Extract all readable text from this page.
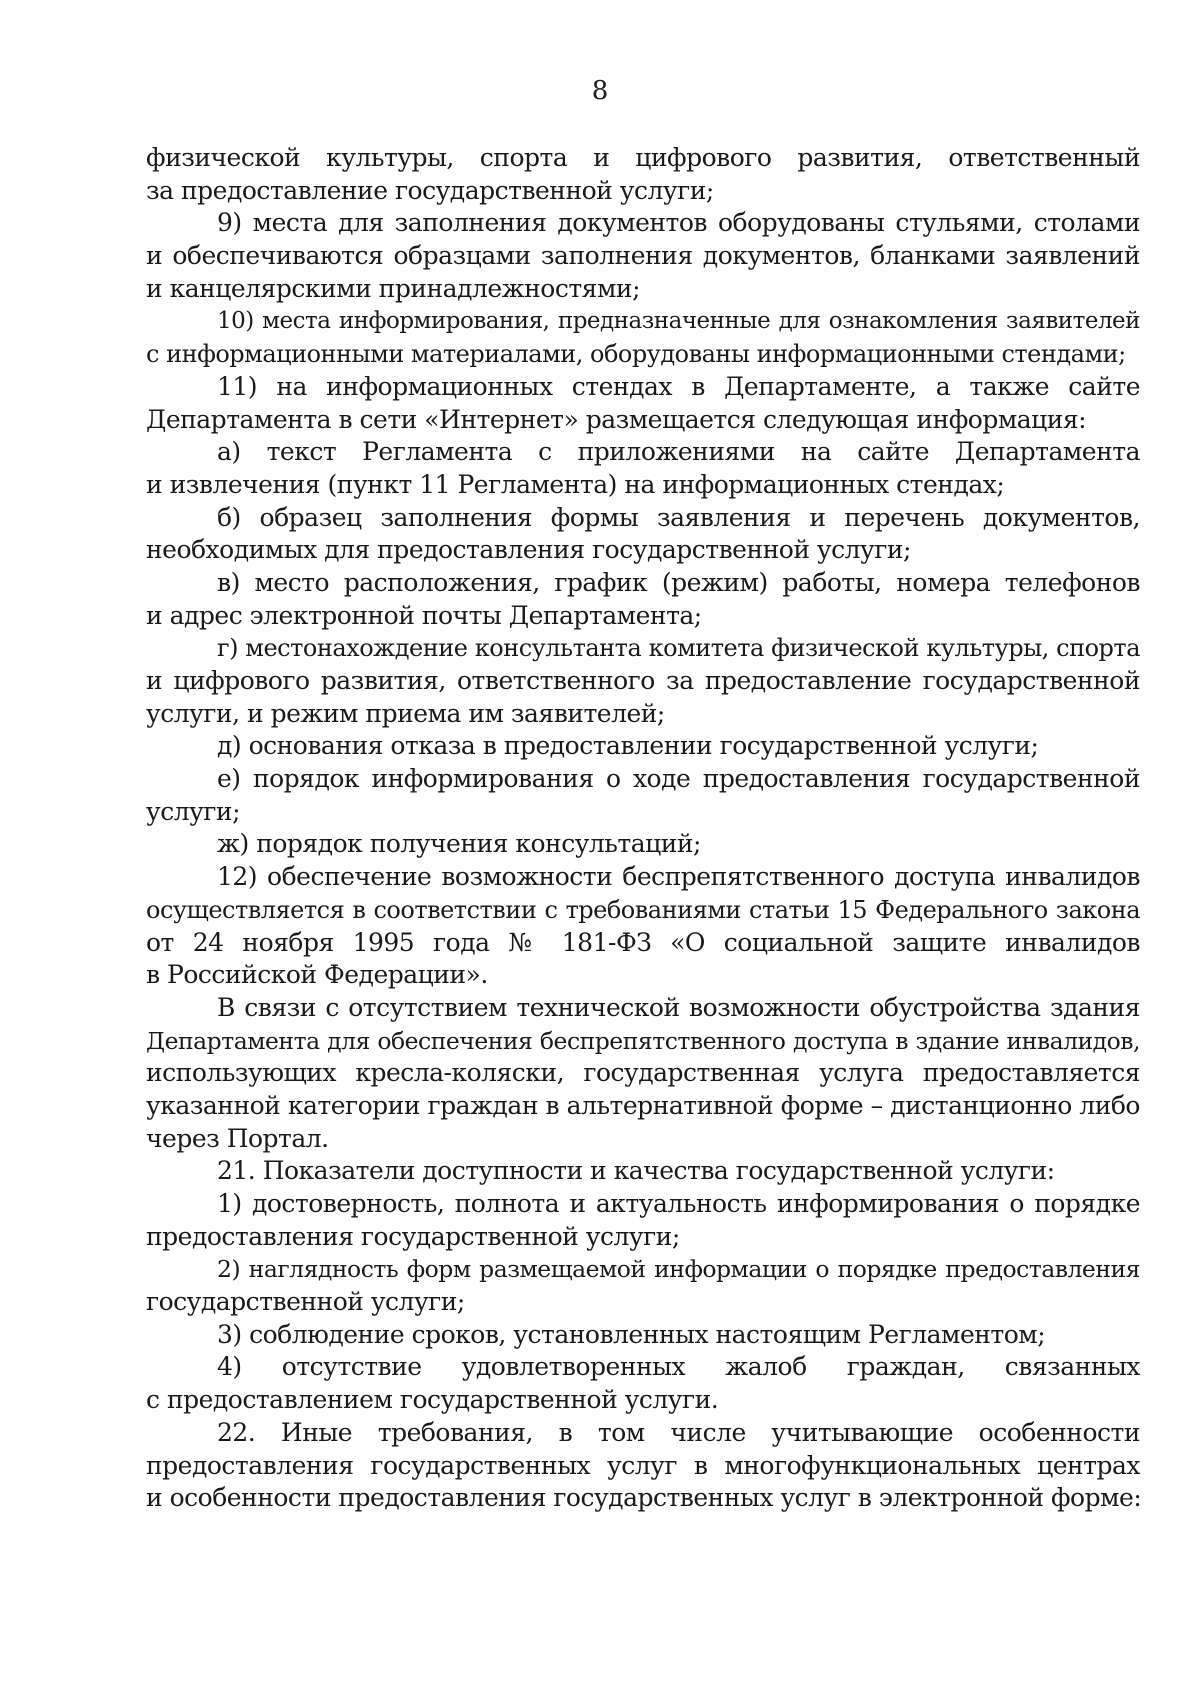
8
физической культуры, спорта и цифрового развития, ответственный
за предоставление государственной услуги;
9) места для заполнения документов оборудованы стульями, столами
и обеспечиваются образцами заполнения документов, бланками заявлений
и канцелярскими принадлежностями;
10) места информирования, предназначенные для ознакомления заявителей
с информационными материалами, оборудованы информационными стендами;
11) на информационных стендах в Департаменте, а также сайте
Департамента в сети «Интернет» размещается следующая информация:
а) текст Регламента с приложениями на сайте Департамента
и извлечения (пункт 11 Регламента) на информационных стендах;
б) образец заполнения формы заявления и перечень документов,
необходимых для предоставления государственной услуги;
в) место расположения, график (режим) работы, номера телефонов
и адрес электронной почты Департамента;
г) местонахождение консультанта комитета физической культуры, спорта
и цифрового развития, ответственного за предоставление государственной
услуги, и режим приема им заявителей;
д) основания отказа в предоставлении государственной услуги;
е) порядок информирования о ходе предоставления государственной
услуги;
ж) порядок получения консультаций;
12) обеспечение возможности беспрепятственного доступа инвалидов
осуществляется в соответствии с требованиями статьи 15 Федерального закона
от 24 ноября 1995 года № 181-ФЗ «О социальной защите инвалидов
в Российской Федерации».
В связи с отсутствием технической возможности обустройства здания
Департамента для обеспечения беспрепятственного доступа в здание инвалидов,
использующих кресла-коляски, государственная услуга предоставляется
указанной категории граждан в альтернативной форме – дистанционно либо
через Портал.
21. Показатели доступности и качества государственной услуги:
1) достоверность, полнота и актуальность информирования о порядке
предоставления государственной услуги;
2) наглядность форм размещаемой информации о порядке предоставления
государственной услуги;
3) соблюдение сроков, установленных настоящим Регламентом;
4) отсутствие удовлетворенных жалоб граждан, связанных
с предоставлением государственной услуги.
22. Иные требования, в том числе учитывающие особенности
предоставления государственных услуг в многофункциональных центрах
и особенности предоставления государственных услуг в электронной форме:
